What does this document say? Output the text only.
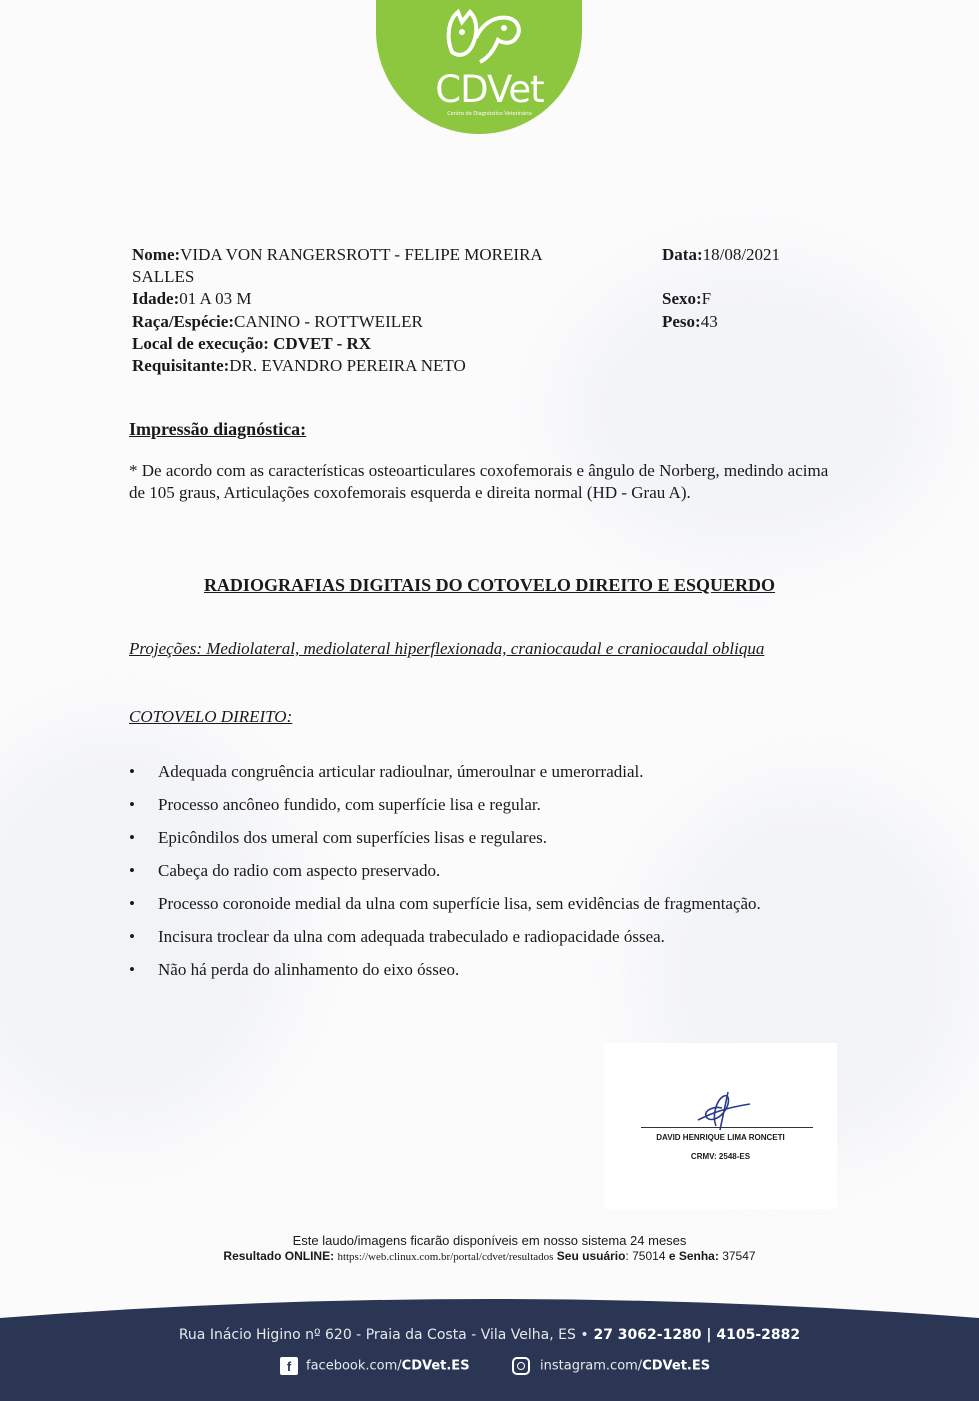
CDVet
Centro de Diagnóstico Veterinário
Nome:VIDA VON RANGERSROTT - FELIPE MOREIRA
SALLES
Idade:01 A 03 M
Raça/Espécie:CANINO - ROTTWEILER
Local de execução: CDVET - RX
Requisitante:DR. EVANDRO PEREIRA NETO
Data:18/08/2021
Sexo:F
Peso:43
Impressão diagnóstica:
* De acordo com as características osteoarticulares coxofemorais e ângulo de Norberg, medindo acima de 105 graus, Articulações coxofemorais esquerda e direita normal (HD - Grau A).
RADIOGRAFIAS DIGITAIS DO COTOVELO DIREITO E ESQUERDO
Projeções: Mediolateral, mediolateral hiperflexionada, craniocaudal e craniocaudal obliqua
COTOVELO DIREITO:
• Adequada congruência articular radioulnar, úmeroulnar e umerorradial.
• Processo ancôneo fundido, com superfície lisa e regular.
• Epicôndilos dos umeral com superfícies lisas e regulares.
• Cabeça do radio com aspecto preservado.
• Processo coronoide medial da ulna com superfície lisa, sem evidências de fragmentação.
• Incisura troclear da ulna com adequada trabeculado e radiopacidade óssea.
• Não há perda do alinhamento do eixo ósseo.
DAVID HENRIQUE LIMA RONCETI
CRMV: 2548-ES
Este laudo/imagens ficarão disponíveis em nosso sistema 24 meses
Resultado ONLINE: https://web.clinux.com.br/portal/cdvet/resultados Seu usuário: 75014 e Senha: 37547
Rua Inácio Higino nº 620 - Praia da Costa - Vila Velha, ES • 27 3062-1280 | 4105-2882
f facebook.com/CDVet.ES	instagram.com/CDVet.ES
